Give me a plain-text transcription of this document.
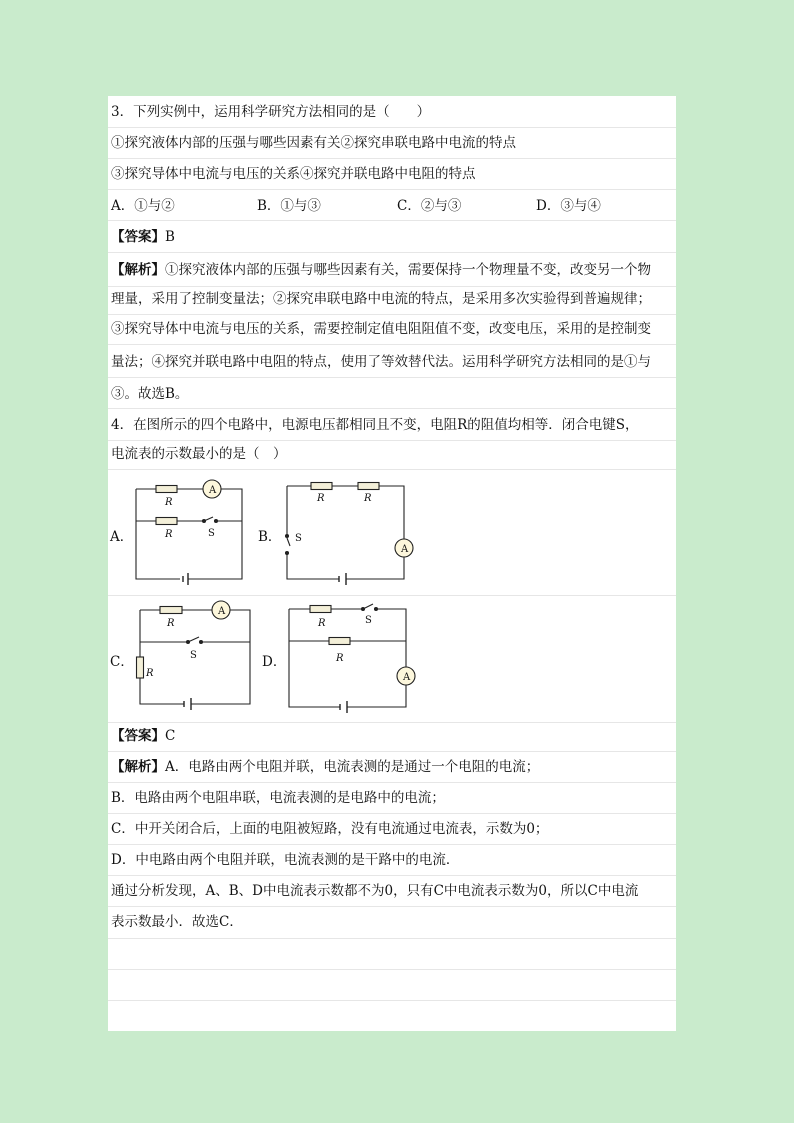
3．下列实例中，运用科学研究方法相同的是（　　）
①探究液体内部的压强与哪些因素有关②探究串联电路中电流的特点
③探究导体中电流与电压的关系④探究并联电路中电阻的特点
A．①与②	B．①与③	C．②与③	D．③与④
【答案】B
【解析】①探究液体内部的压强与哪些因素有关，需要保持一个物理量不变，改变另一个物
理量，采用了控制变量法；②探究串联电路中电流的特点，是采用多次实验得到普遍规律；
③探究导体中电流与电压的关系，需要控制定值电阻阻值不变，改变电压，采用的是控制变
量法；④探究并联电路中电阻的特点，使用了等效替代法。运用科学研究方法相同的是①与
③。故选B。
4．在图所示的四个电路中，电源电压都相同且不变，电阻R的阻值均相等．闭合电键S，
电流表的示数最小的是（　）
A．	B．
C．	D．
R
R	S
A
R	R
S
A
R
R
S
A
R	S
R
A
【答案】C
【解析】A．电路由两个电阻并联，电流表测的是通过一个电阻的电流；
B．电路由两个电阻串联，电流表测的是电路中的电流；
C．中开关闭合后，上面的电阻被短路，没有电流通过电流表，示数为0；
D．中电路由两个电阻并联，电流表测的是干路中的电流．
通过分析发现，A、B、D中电流表示数都不为0，只有C中电流表示数为0，所以C中电流
表示数最小．故选C．
